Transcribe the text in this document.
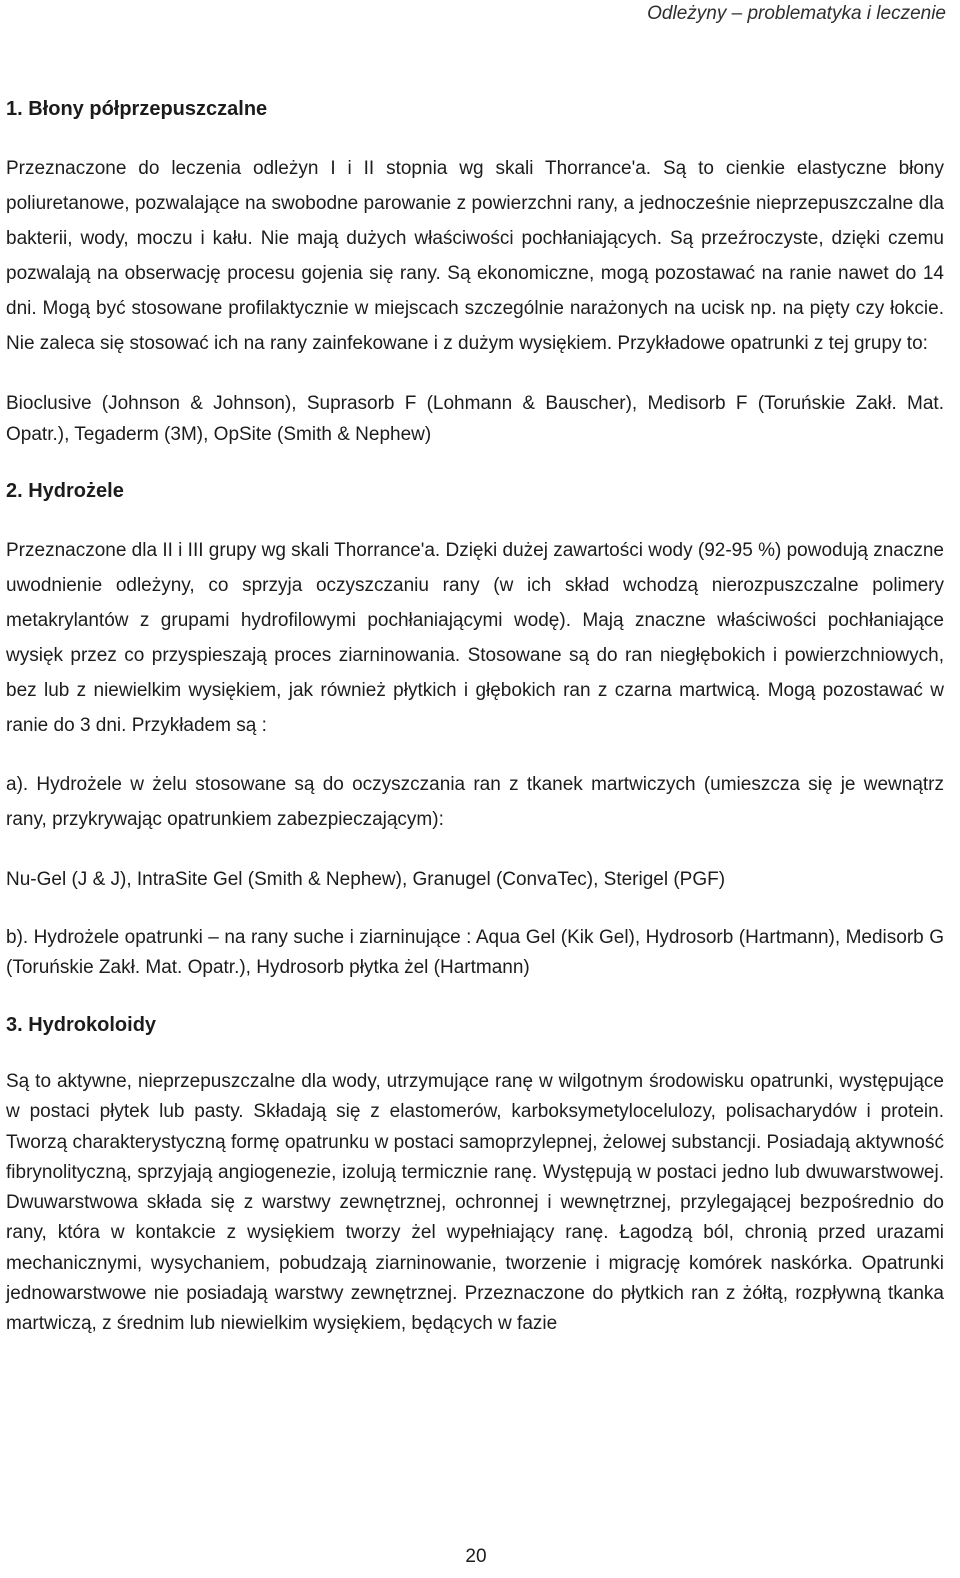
Odleżyny – problematyka i leczenie
1. Błony półprzepuszczalne

Przeznaczone do leczenia odleżyn I i II stopnia wg skali Thorrance'a. Są to cienkie elastyczne błony poliuretanowe, pozwalające na swobodne parowanie z powierzchni rany, a jednocześnie nieprzepuszczalne dla bakterii, wody, moczu i kału. Nie mają dużych właściwości pochłaniających. Są przeźroczyste, dzięki czemu pozwalają na obserwację procesu gojenia się rany. Są ekonomiczne, mogą pozostawać na ranie nawet do 14 dni. Mogą być stosowane profilaktycznie w miejscach szczególnie narażonych na ucisk np. na pięty czy łokcie. Nie zaleca się stosować ich na rany zainfekowane i z dużym wysiękiem. Przykładowe opatrunki z tej grupy to:

Bioclusive (Johnson & Johnson), Suprasorb F (Lohmann & Bauscher), Medisorb F (Toruńskie Zakł. Mat. Opatr.), Tegaderm (3M), OpSite (Smith & Nephew)

2. Hydrożele

Przeznaczone dla II i III grupy wg skali Thorrance'a. Dzięki dużej zawartości wody (92-95 %) powodują znaczne uwodnienie odleżyny, co sprzyja oczyszczaniu rany (w ich skład wchodzą nierozpuszczalne polimery metakrylantów z grupami hydrofilowymi pochłaniającymi wodę). Mają znaczne właściwości pochłaniające wysięk przez co przyspieszają proces ziarninowania. Stosowane są do ran niegłębokich i powierzchniowych, bez lub z niewielkim wysiękiem, jak również płytkich i głębokich ran z czarna martwicą. Mogą pozostawać w ranie do 3 dni. Przykładem są :

a). Hydrożele w żelu stosowane są do oczyszczania ran z tkanek martwiczych (umieszcza się je wewnątrz rany, przykrywając opatrunkiem zabezpieczającym):

Nu-Gel (J & J), IntraSite Gel (Smith & Nephew), Granugel (ConvaTec), Sterigel (PGF)

b). Hydrożele opatrunki – na rany suche i ziarninujące : Aqua Gel (Kik Gel), Hydrosorb (Hartmann), Medisorb G (Toruńskie Zakł. Mat. Opatr.), Hydrosorb płytka żel (Hartmann)

3. Hydrokoloidy

Są to aktywne, nieprzepuszczalne dla wody, utrzymujące ranę w wilgotnym środowisku opatrunki, występujące w postaci płytek lub pasty. Składają się z elastomerów, karboksymetylocelulozy, polisacharydów i protein. Tworzą charakterystyczną formę opatrunku w postaci samoprzylepnej, żelowej substancji. Posiadają aktywność fibrynolityczną, sprzyjają angiogenezie, izolują termicznie ranę. Występują w postaci jedno lub dwuwarstwowej. Dwuwarstwowa składa się z warstwy zewnętrznej, ochronnej i wewnętrznej, przylegającej bezpośrednio do rany, która w kontakcie z wysiękiem tworzy żel wypełniający ranę. Łagodzą ból, chronią przed urazami mechanicznymi, wysychaniem, pobudzają ziarninowanie, tworzenie i migrację komórek naskórka. Opatrunki jednowarstwowe nie posiadają warstwy zewnętrznej. Przeznaczone do płytkich ran z żółtą, rozpływną tkanka martwiczą, z średnim lub niewielkim wysiękiem, będących w fazie

20
